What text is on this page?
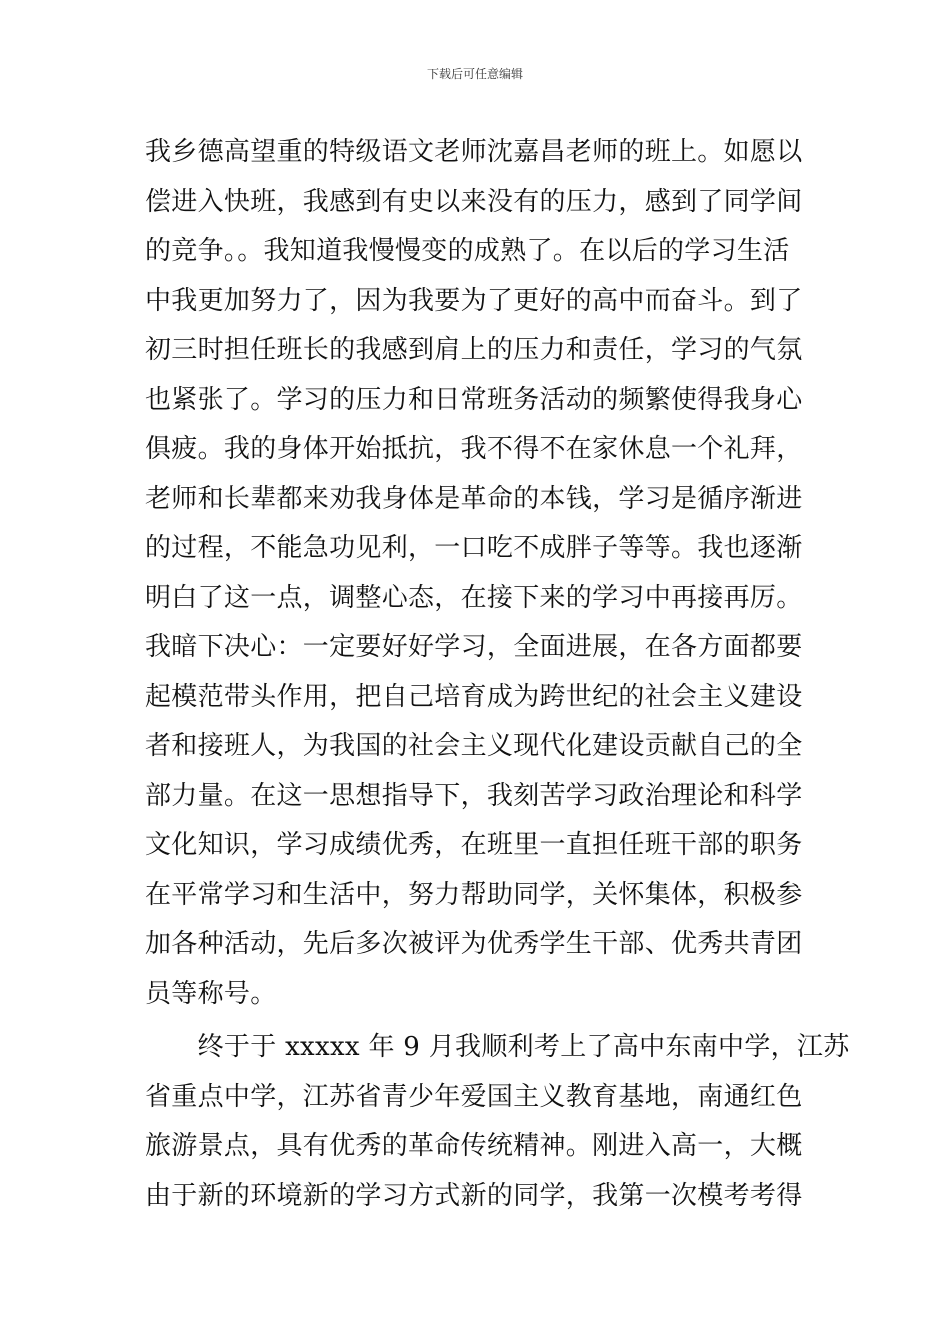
下载后可任意编辑
我乡德高望重的特级语文老师沈嘉昌老师的班上。如愿以
偿进入快班，我感到有史以来没有的压力，感到了同学间
的竞争。。我知道我慢慢变的成熟了。在以后的学习生活
中我更加努力了，因为我要为了更好的高中而奋斗。到了
初三时担任班长的我感到肩上的压力和责任，学习的气氛
也紧张了。学习的压力和日常班务活动的频繁使得我身心
俱疲。我的身体开始抵抗，我不得不在家休息一个礼拜，
老师和长辈都来劝我身体是革命的本钱，学习是循序渐进
的过程，不能急功见利，一口吃不成胖子等等。我也逐渐
明白了这一点，调整心态，在接下来的学习中再接再厉。
我暗下决心：一定要好好学习，全面进展，在各方面都要
起模范带头作用，把自己培育成为跨世纪的社会主义建设
者和接班人，为我国的社会主义现代化建设贡献自己的全
部力量。在这一思想指导下，我刻苦学习政治理论和科学
文化知识，学习成绩优秀，在班里一直担任班干部的职务
在平常学习和生活中，努力帮助同学，关怀集体，积极参
加各种活动，先后多次被评为优秀学生干部、优秀共青团
员等称号。
　　终于于 xxxxx 年 9 月我顺利考上了高中东南中学，江苏
省重点中学，江苏省青少年爱国主义教育基地，南通红色
旅游景点，具有优秀的革命传统精神。刚进入高一，大概
由于新的环境新的学习方式新的同学，我第一次模考考得
